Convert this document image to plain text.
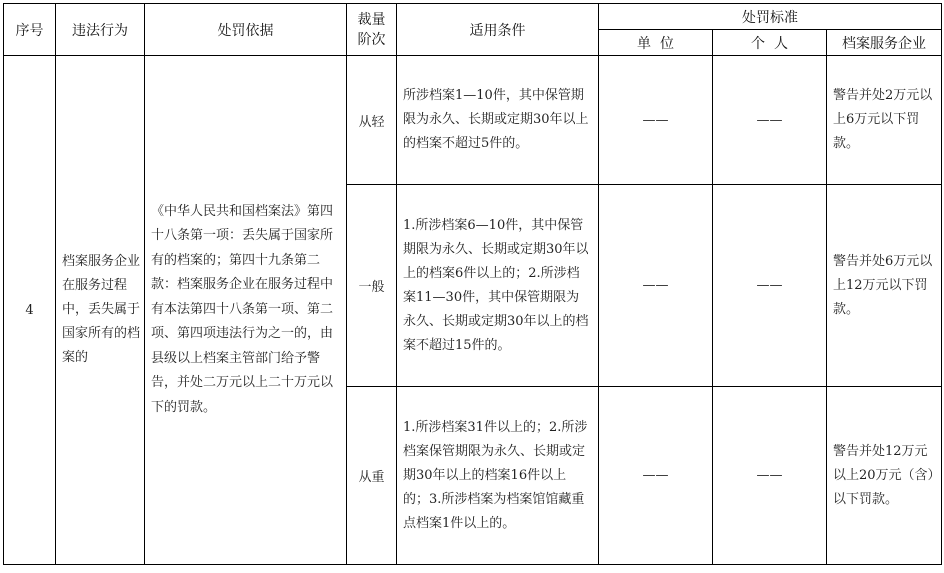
序号	违法行为	处罚依据	裁量阶次	适用条件	处罚标准		
					单  位	个  人	档案服务企业
4	档案服务企业在服务过程中，丢失属于国家所有的档案的	《中华人民共和国档案法》第四十八条第一项：丢失属于国家所有的档案的；第四十九条第二款：档案服务企业在服务过程中有本法第四十八条第一项、第二项、第四项违法行为之一的，由县级以上档案主管部门给予警告，并处二万元以上二十万元以下的罚款。	从轻	所涉档案1—10件，其中保管期限为永久、长期或定期30年以上的档案不超过5件的。	——	——	警告并处2万元以上6万元以下罚款。

			一般	1.所涉档案6—10件，其中保管期限为永久、长期或定期30年以上的档案6件以上的；2.所涉档案11—30件，其中保管期限为永久、长期或定期30年以上的档案不超过15件的。	——	——	警告并处6万元以上12万元以下罚款。

			从重	1.所涉档案31件以上的；2.所涉档案保管期限为永久、长期或定期30年以上的档案16件以上的；3.所涉档案为档案馆馆藏重点档案1件以上的。	——	——	警告并处12万元以上20万元（含）以下罚款。
